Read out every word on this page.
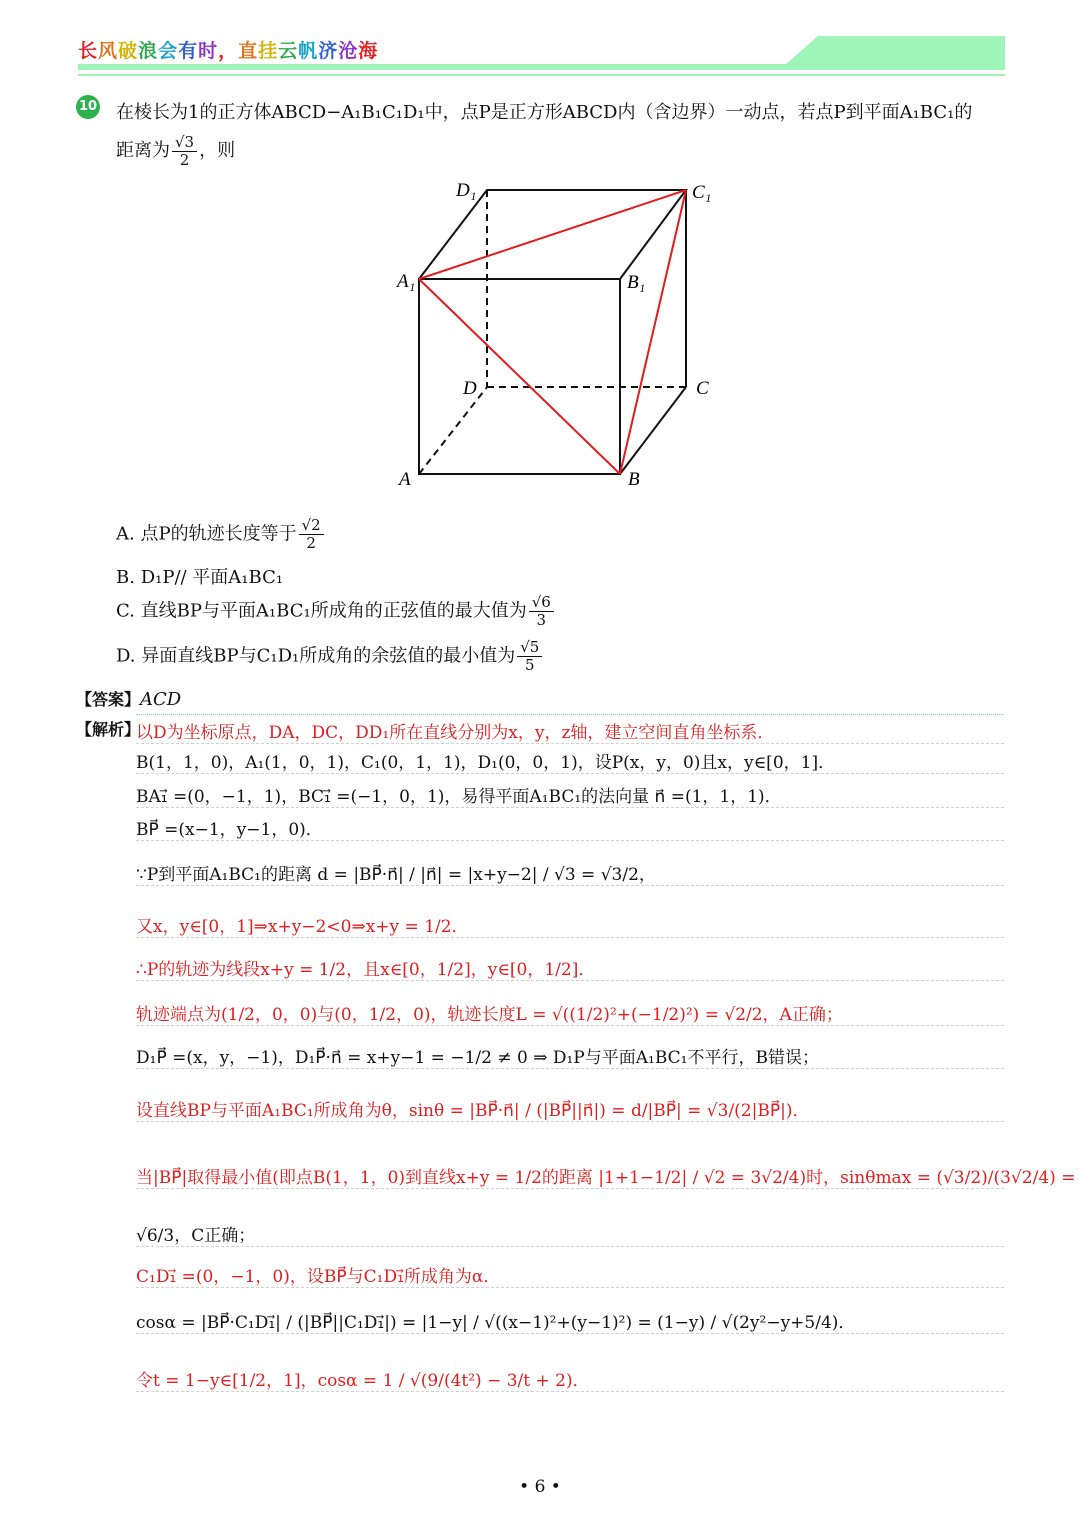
长风破浪会有时，直挂云帆济沧海
10 在棱长为1的正方体ABCD−A₁B₁C₁D₁中，点P是正方形ABCD内（含边界）一动点，若点P到平面A₁BC₁的
距离为 $\frac{√3}{2}$ ，则
D₁	C₁
A₁	B₁
D	C
A	B
A. 点P的轨迹长度等于 $\frac{√2}{2}$
B. D₁P// 平面A₁BC₁
C. 直线BP与平面A₁BC₁所成角的正弦值的最大值为 $\frac{√6}{3}$
D. 异面直线BP与C₁D₁所成角的余弦值的最小值为 $\frac{√5}{5}$
【答案】ACD
【解析】
以D为坐标原点，DA，DC，DD₁所在直线分别为x，y，z轴，建立空间直角坐标系．
B(1，1，0)，A₁(1，0，1)，C₁(0，1，1)，D₁(0，0，1)，设P(x，y，0)且x，y∈[0，1]．
BA₁⃗ =(0，−1，1)，BC₁⃗ =(−1，0，1)，易得平面A₁BC₁的法向量 n⃗ =(1，1，1)．
BP⃗ =(x−1，y−1，0)．
∵P到平面A₁BC₁的距离 d = |BP⃗·n⃗| / |n⃗| = |x+y−2| / √3 = √3/2，
又x，y∈[0，1]⇒x+y−2<0⇒x+y = 1/2．
∴P的轨迹为线段x+y = 1/2，且x∈[0，1/2]，y∈[0，1/2]．
轨迹端点为(1/2，0，0)与(0，1/2，0)，轨迹长度L = √((1/2)²+(−1/2)²) = √2/2，A正确；
D₁P⃗ =(x，y，−1)，D₁P⃗·n⃗ = x+y−1 = −1/2 ≠ 0 ⇒ D₁P与平面A₁BC₁不平行，B错误；
设直线BP与平面A₁BC₁所成角为θ，sinθ = |BP⃗·n⃗| / (|BP⃗||n⃗|) = d/|BP⃗| = √3/(2|BP⃗|)．
当|BP⃗|取得最小值(即点B(1，1，0)到直线x+y = 1/2的距离 |1+1−1/2| / √2 = 3√2/4)时，sinθmax = (√3/2)/(3√2/4) =
√6/3，C正确；
C₁D₁⃗ =(0，−1，0)，设BP⃗与C₁D₁⃗所成角为α．
cosα = |BP⃗·C₁D₁⃗| / (|BP⃗||C₁D₁⃗|) = |1−y| / √((x−1)²+(y−1)²) = (1−y) / √(2y²−y+5/4)．
令t = 1−y∈[1/2，1]，cosα = 1 / √(9/(4t²) − 3/t + 2)．
• 6 •
